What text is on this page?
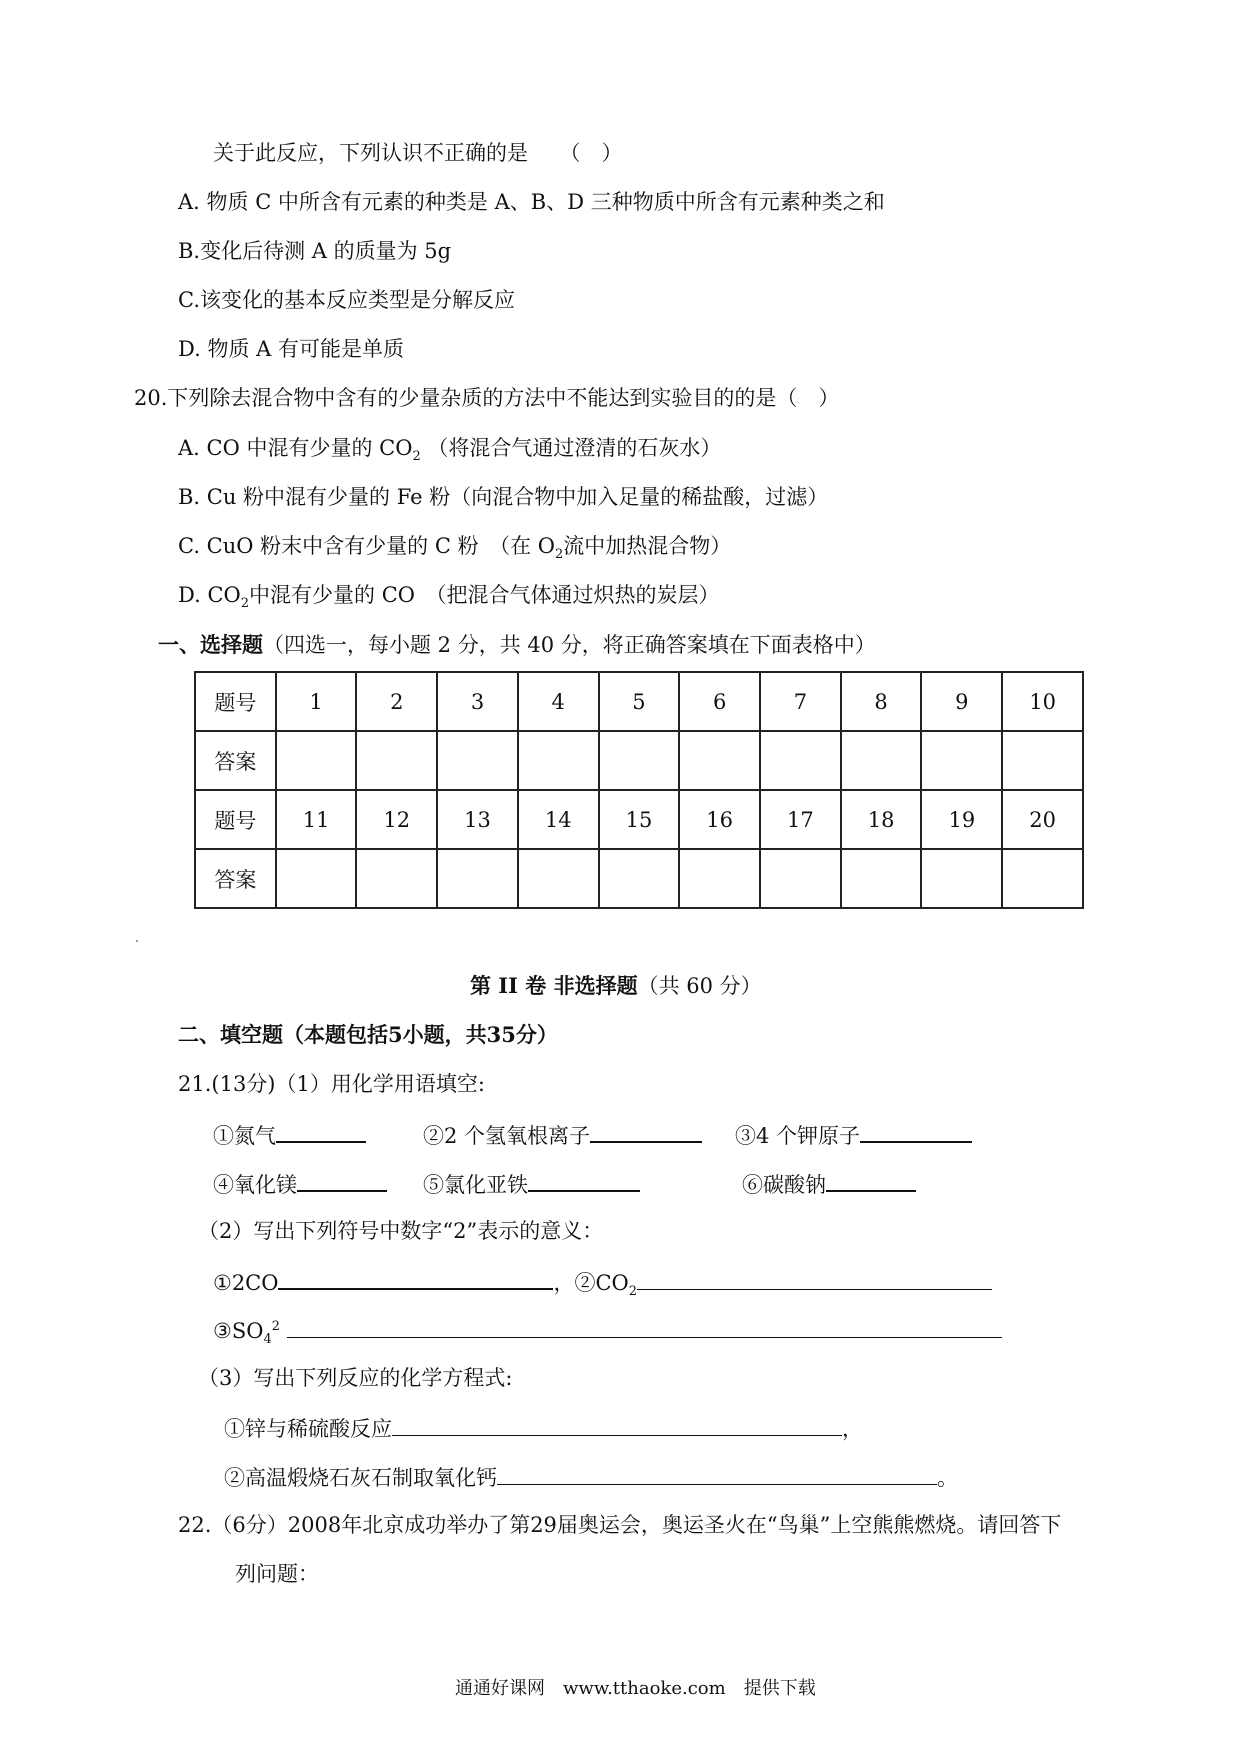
关于此反应，下列认识不正确的是　　（　）
A. 物质 C 中所含有元素的种类是 A、B、D 三种物质中所含有元素种类之和
B.变化后待测 A 的质量为 5g
C.该变化的基本反应类型是分解反应
D. 物质 A 有可能是单质
20.下列除去混合物中含有的少量杂质的方法中不能达到实验目的的是（　）
A. CO 中混有少量的 $CO_2$ （将混合气通过澄清的石灰水）
B. Cu 粉中混有少量的 Fe 粉（向混合物中加入足量的稀盐酸，过滤）
C. CuO 粉末中含有少量的 C 粉　（在 $O_2$流中加热混合物）
D. $CO_2$中混有少量的 CO　（把混合气体通过炽热的炭层）
一、选择题（四选一，每小题 2 分，共 40 分，将正确答案填在下面表格中）
题号	1	2	3	4	5	6	7	8	9	10
答案										
题号	11	12	13	14	15	16	17	18	19	20
答案										
第 II 卷 非选择题（共 60 分）
二、填空题（本题包括5小题，共35分）
21.(13分)（1）用化学用语填空:
①氮气	②2 个氢氧根离子	③4 个钾原子
④氧化镁	⑤氯化亚铁	⑥碳酸钠
（2）写出下列符号中数字“2”表示的意义：
①2CO	，$②CO_2$
$③SO_4^2$
（3）写出下列反应的化学方程式:
①锌与稀硫酸反应	，
②高温煅烧石灰石制取氧化钙	。
22.（6分）2008年北京成功举办了第29届奥运会，奥运圣火在“鸟巢”上空熊熊燃烧。请回答下
列问题：
通通好课网　www.tthaoke.com　提供下载
